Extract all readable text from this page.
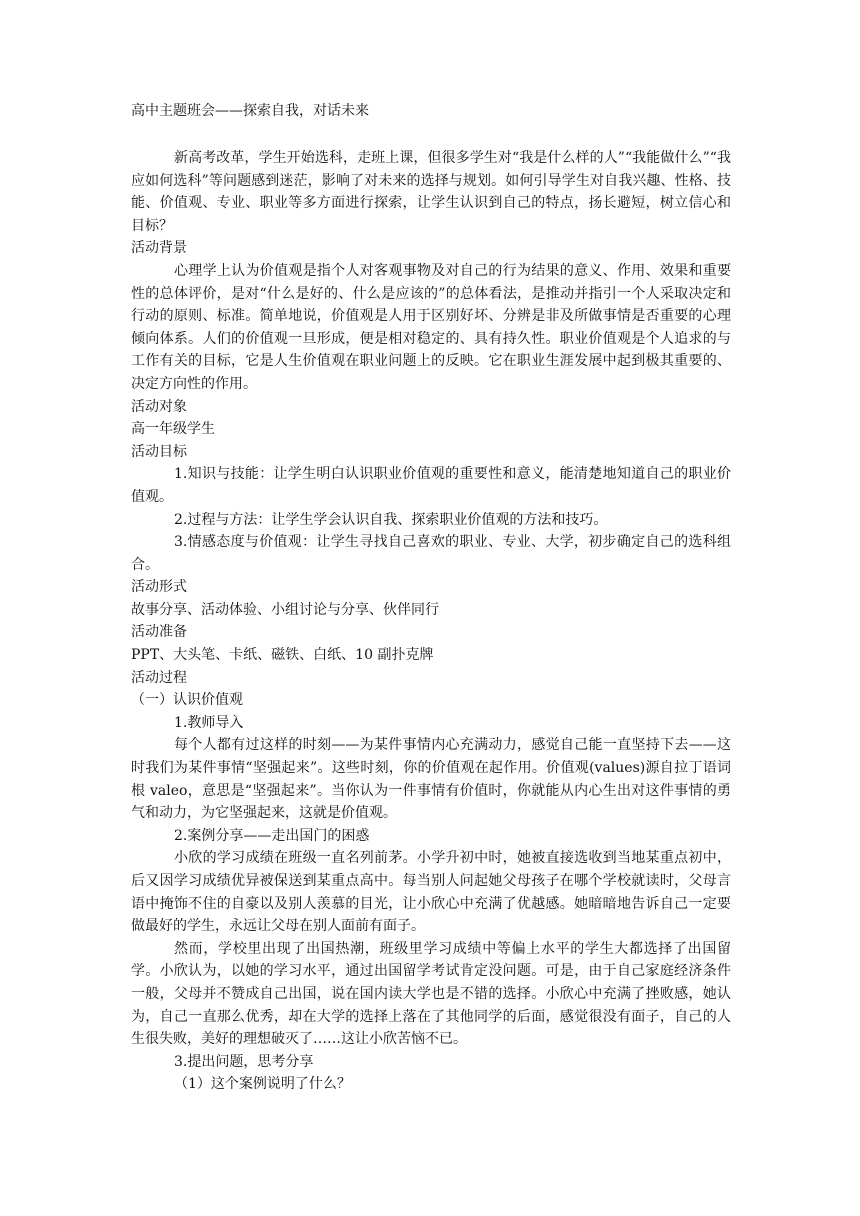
高中主题班会——探索自我，对话未来

新高考改革，学生开始选科，走班上课，但很多学生对“我是什么样的人”“我能做什么”“我应如何选科”等问题感到迷茫，影响了对未来的选择与规划。如何引导学生对自我兴趣、性格、技能、价值观、专业、职业等多方面进行探索，让学生认识到自己的特点，扬长避短，树立信心和目标？

活动背景

心理学上认为价值观是指个人对客观事物及对自己的行为结果的意义、作用、效果和重要性的总体评价，是对“什么是好的、什么是应该的”的总体看法，是推动并指引一个人采取决定和行动的原则、标准。简单地说，价值观是人用于区别好坏、分辨是非及所做事情是否重要的心理倾向体系。人们的价值观一旦形成，便是相对稳定的、具有持久性。职业价值观是个人追求的与工作有关的目标，它是人生价值观在职业问题上的反映。它在职业生涯发展中起到极其重要的、决定方向性的作用。

活动对象

高一年级学生

活动目标

1.知识与技能：让学生明白认识职业价值观的重要性和意义，能清楚地知道自己的职业价值观。

2.过程与方法：让学生学会认识自我、探索职业价值观的方法和技巧。

3.情感态度与价值观：让学生寻找自己喜欢的职业、专业、大学，初步确定自己的选科组合。

活动形式

故事分享、活动体验、小组讨论与分享、伙伴同行

活动准备

PPT、大头笔、卡纸、磁铁、白纸、10 副扑克牌

活动过程

（一）认识价值观

1.教师导入

每个人都有过这样的时刻——为某件事情内心充满动力，感觉自己能一直坚持下去——这时我们为某件事情“坚强起来”。这些时刻，你的价值观在起作用。价值观(values)源自拉丁语词根 valeo，意思是“坚强起来”。当你认为一件事情有价值时，你就能从内心生出对这件事情的勇气和动力，为它坚强起来，这就是价值观。

2.案例分享——走出国门的困惑

小欣的学习成绩在班级一直名列前茅。小学升初中时，她被直接选收到当地某重点初中，后又因学习成绩优异被保送到某重点高中。每当别人问起她父母孩子在哪个学校就读时，父母言语中掩饰不住的自豪以及别人羡慕的目光，让小欣心中充满了优越感。她暗暗地告诉自己一定要做最好的学生，永远让父母在别人面前有面子。

然而，学校里出现了出国热潮，班级里学习成绩中等偏上水平的学生大都选择了出国留学。小欣认为，以她的学习水平，通过出国留学考试肯定没问题。可是，由于自己家庭经济条件一般，父母并不赞成自己出国，说在国内读大学也是不错的选择。小欣心中充满了挫败感，她认为，自己一直那么优秀，却在大学的选择上落在了其他同学的后面，感觉很没有面子，自己的人生很失败，美好的理想破灭了……这让小欣苦恼不已。

3.提出问题，思考分享

（1）这个案例说明了什么？
